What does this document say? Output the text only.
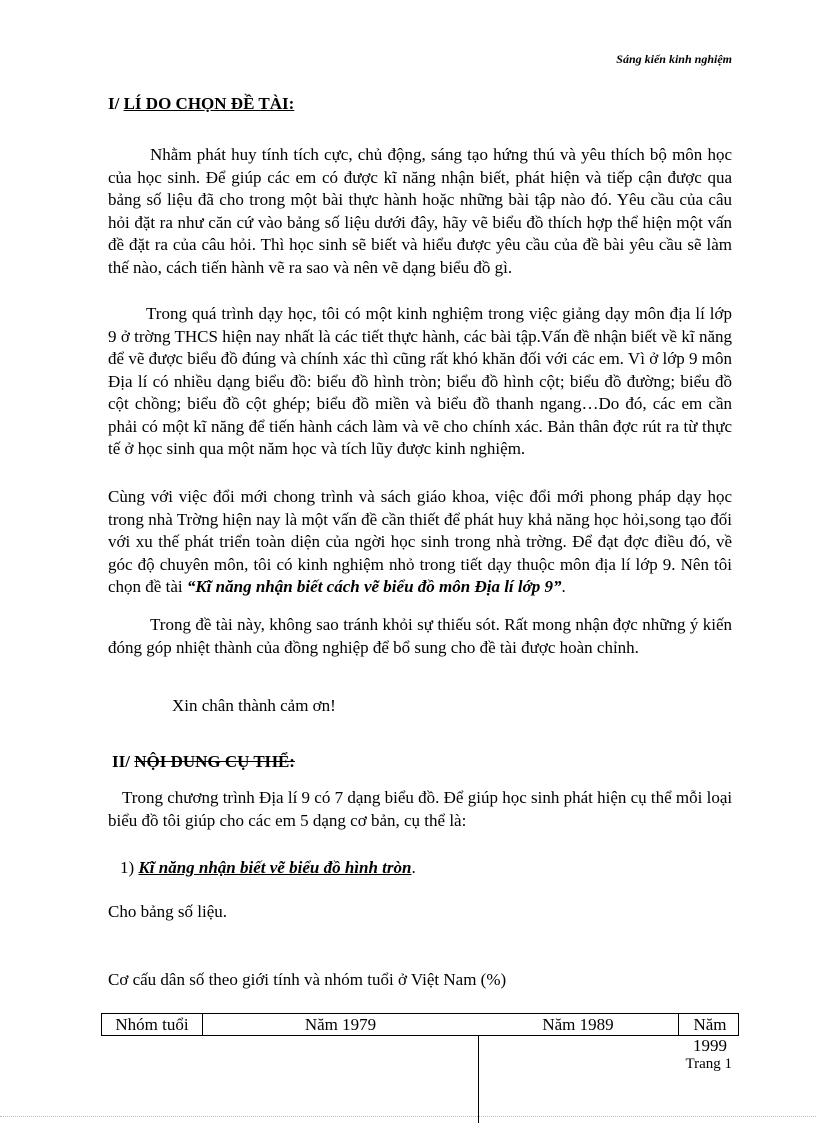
Sáng kiến kinh nghiệm
I/ LÍ DO CHỌN ĐỀ TÀI:
Nhằm phát huy tính tích cực, chủ động, sáng tạo hứng thú và yêu thích bộ môn học của học sinh. Để giúp các em có được kĩ năng nhận biết, phát hiện và tiếp cận được qua bảng số liệu đã cho trong một bài thực hành hoặc những bài tập nào đó. Yêu cầu của câu hỏi đặt ra như căn cứ vào bảng số liệu dưới đây, hãy vẽ biểu đồ thích hợp thể hiện một vấn đề đặt ra của câu hỏi. Thì học sinh sẽ biết và hiểu được yêu cầu của đề bài yêu cầu sẽ làm thế nào, cách tiến hành vẽ ra sao và nên vẽ dạng biểu đồ gì.
Trong quá trình dạy học, tôi có một kinh nghiệm trong việc giảng dạy môn địa lí lớp 9 ở trờng THCS hiện nay nhất là các tiết thực hành, các bài tập.Vấn đề nhận biết về kĩ năng để vẽ được biểu đồ đúng và chính xác thì cũng rất khó khăn đối với các em. Vì ở lớp 9 môn Địa lí có nhiều dạng biểu đồ: biểu đồ hình tròn; biểu đồ hình cột; biểu đồ đường; biểu đồ cột chồng; biểu đồ cột ghép; biểu đồ miền và biểu đồ thanh ngang…Do đó, các em cần phải có một kĩ năng để tiến hành cách làm và vẽ cho chính xác. Bản thân đợc rút ra từ thực tế ở học sinh qua một năm học và tích lũy được kinh nghiệm.
Cùng với việc đổi mới chong trình và sách giáo khoa, việc đổi mới phong pháp dạy học trong nhà Trờng hiện nay là một vấn đề cần thiết để phát huy khả năng học hỏi,song tạo đối với xu thế phát triển toàn diện của ngời học sinh trong nhà trờng. Để đạt đợc điều đó, về góc độ chuyên môn, tôi có kinh nghiệm nhỏ trong tiết dạy thuộc môn địa lí lớp 9. Nên tôi chọn đề tài “Kĩ năng nhận biết cách vẽ biểu đồ môn Địa lí lớp 9”.
Trong đề tài này, không sao tránh khỏi sự thiếu sót. Rất mong nhận đợc những ý kiến đóng góp nhiệt thành của đồng nghiệp để bổ sung cho đề tài được hoàn chỉnh.
Xin chân thành cảm ơn!
II/ NỘI DUNG CỤ THỂ:
Trong chương trình Địa lí 9 có 7 dạng biểu đồ. Để giúp học sinh phát hiện cụ thể mỗi loại biểu đồ tôi giúp cho các em 5 dạng cơ bản, cụ thể là:
1) Kĩ năng nhận biết vẽ biểu đồ hình tròn.
Cho bảng số liệu.
Cơ cấu dân số theo giới tính và nhóm tuổi ở Việt Nam (%)
Nhóm tuổi	Năm 1979	Năm 1989	Năm 1999
Trang 1
